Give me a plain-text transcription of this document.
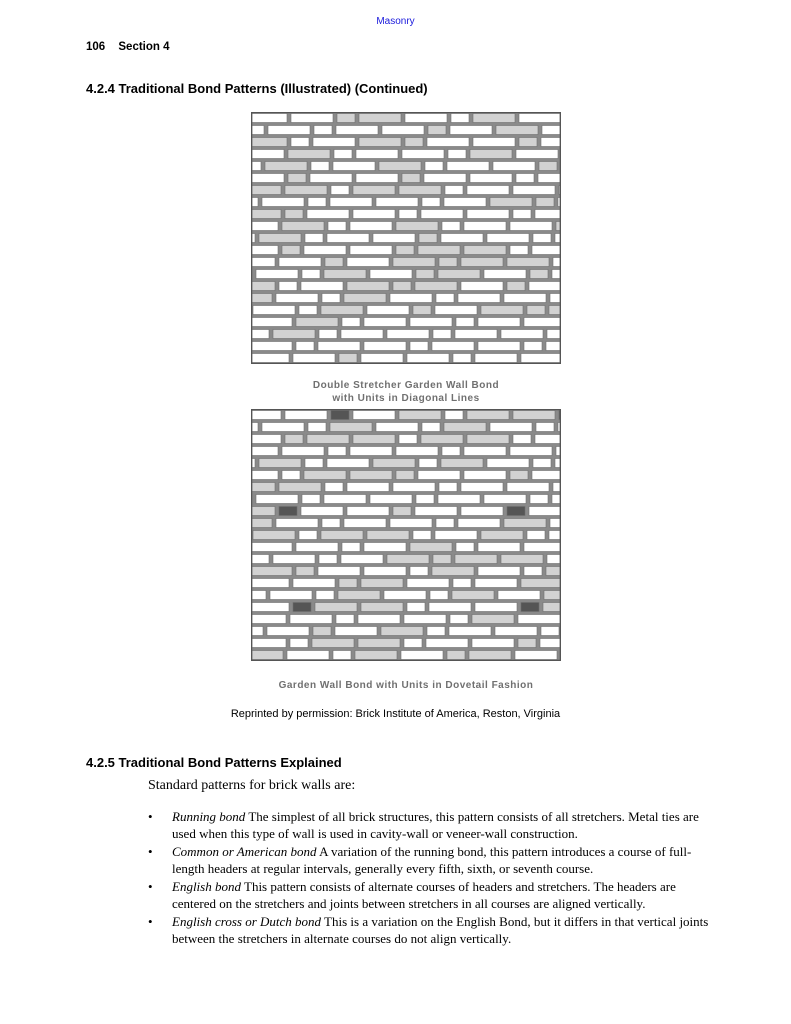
Masonry
106 Section 4
4.2.4 Traditional Bond Patterns (Illustrated) (Continued)
Double Stretcher Garden Wall Bond
with Units in Diagonal Lines
Garden Wall Bond with Units in Dovetail Fashion
Reprinted by permission: Brick Institute of America, Reston, Virginia
4.2.5 Traditional Bond Patterns Explained
Standard patterns for brick walls are:
• Running bond The simplest of all brick structures, this pattern consists of all stretchers. Metal ties are used when this type of wall is used in cavity-wall or veneer-wall construction.
• Common or American bond A variation of the running bond, this pattern introduces a course of full-length headers at regular intervals, generally every fifth, sixth, or seventh course.
• English bond This pattern consists of alternate courses of headers and stretchers. The headers are centered on the stretchers and joints between stretchers in all courses are aligned vertically.
• English cross or Dutch bond This is a variation on the English Bond, but it differs in that vertical joints between the stretchers in alternate courses do not align vertically.
